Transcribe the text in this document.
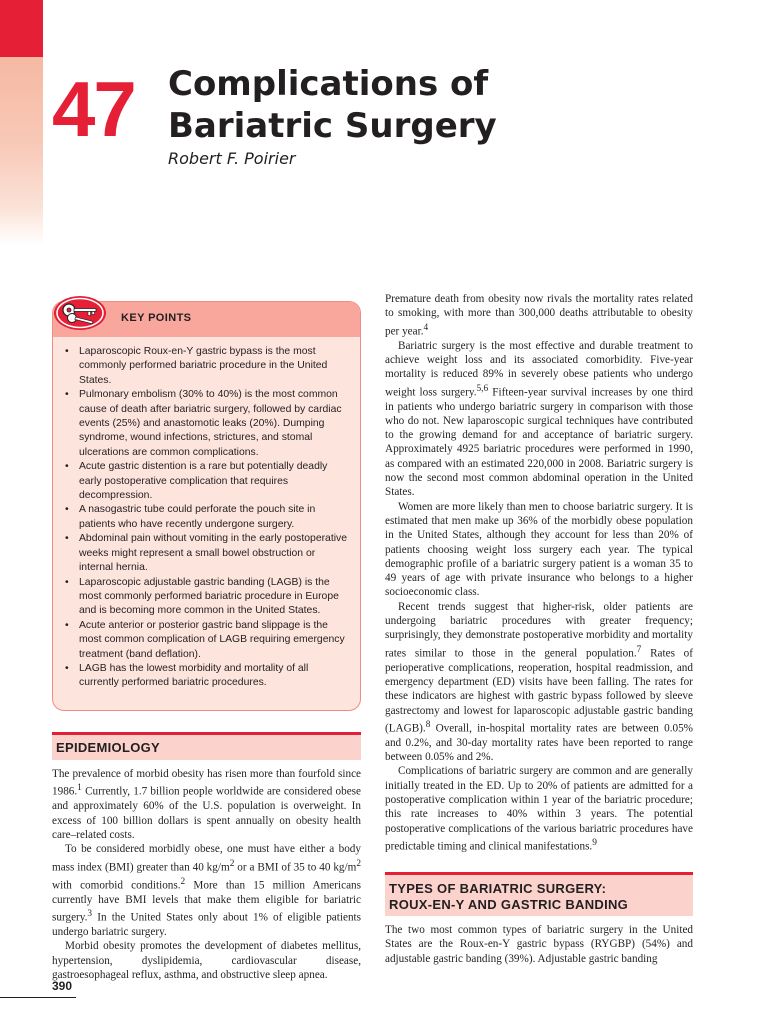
47 Complications of
Bariatric Surgery
Robert F. Poirier
KEY POINTS
• Laparoscopic Roux-en-Y gastric bypass is the most commonly performed bariatric procedure in the United States.
• Pulmonary embolism (30% to 40%) is the most common cause of death after bariatric surgery, followed by cardiac events (25%) and anastomotic leaks (20%). Dumping syndrome, wound infections, strictures, and stomal ulcerations are common complications.
• Acute gastric distention is a rare but potentially deadly early postoperative complication that requires decompression.
• A nasogastric tube could perforate the pouch site in patients who have recently undergone surgery.
• Abdominal pain without vomiting in the early postoperative weeks might represent a small bowel obstruction or internal hernia.
• Laparoscopic adjustable gastric banding (LAGB) is the most commonly performed bariatric procedure in Europe and is becoming more common in the United States.
• Acute anterior or posterior gastric band slippage is the most common complication of LAGB requiring emergency treatment (band deflation).
• LAGB has the lowest morbidity and mortality of all currently performed bariatric procedures.
EPIDEMIOLOGY

The prevalence of morbid obesity has risen more than fourfold since 1986.$^1$ Currently, 1.7 billion people worldwide are considered obese and approximately 60% of the U.S. population is overweight. In excess of 100 billion dollars is spent annually on obesity health care–related costs.

To be considered morbidly obese, one must have either a body mass index (BMI) greater than 40 $kg/m^2$ or a BMI of 35 to 40 $kg/m^2$ with comorbid conditions.$^2$ More than 15 million Americans currently have BMI levels that make them eligible for bariatric surgery.$^3$ In the United States only about 1% of eligible patients undergo bariatric surgery.

Morbid obesity promotes the development of diabetes mellitus, hypertension, dyslipidemia, cardiovascular disease, gastroesophageal reflux, asthma, and obstructive sleep apnea.

Premature death from obesity now rivals the mortality rates related to smoking, with more than 300,000 deaths attributable to obesity per year.$^4$

Bariatric surgery is the most effective and durable treatment to achieve weight loss and its associated comorbidity. Five-year mortality is reduced 89% in severely obese patients who undergo weight loss surgery.$^{5,6}$ Fifteen-year survival increases by one third in patients who undergo bariatric surgery in comparison with those who do not. New laparoscopic surgical techniques have contributed to the growing demand for and acceptance of bariatric surgery. Approximately 4925 bariatric procedures were performed in 1990, as compared with an estimated 220,000 in 2008. Bariatric surgery is now the second most common abdominal operation in the United States.

Women are more likely than men to choose bariatric surgery. It is estimated that men make up 36% of the morbidly obese population in the United States, although they account for less than 20% of patients choosing weight loss surgery each year. The typical demographic profile of a bariatric surgery patient is a woman 35 to 49 years of age with private insurance who belongs to a higher socioeconomic class.

Recent trends suggest that higher-risk, older patients are undergoing bariatric procedures with greater frequency; surprisingly, they demonstrate postoperative morbidity and mortality rates similar to those in the general population.$^7$ Rates of perioperative complications, reoperation, hospital readmission, and emergency department (ED) visits have been falling. The rates for these indicators are highest with gastric bypass followed by sleeve gastrectomy and lowest for laparoscopic adjustable gastric banding (LAGB).$^8$ Overall, in-hospital mortality rates are between 0.05% and 0.2%, and 30-day mortality rates have been reported to range between 0.05% and 2%.

Complications of bariatric surgery are common and are generally initially treated in the ED. Up to 20% of patients are admitted for a postoperative complication within 1 year of the bariatric procedure; this rate increases to 40% within 3 years. The potential postoperative complications of the various bariatric procedures have predictable timing and clinical manifestations.$^9$

TYPES OF BARIATRIC SURGERY:
ROUX-EN-Y AND GASTRIC BANDING

The two most common types of bariatric surgery in the United States are the Roux-en-Y gastric bypass (RYGBP) (54%) and adjustable gastric banding (39%). Adjustable gastric banding

390
